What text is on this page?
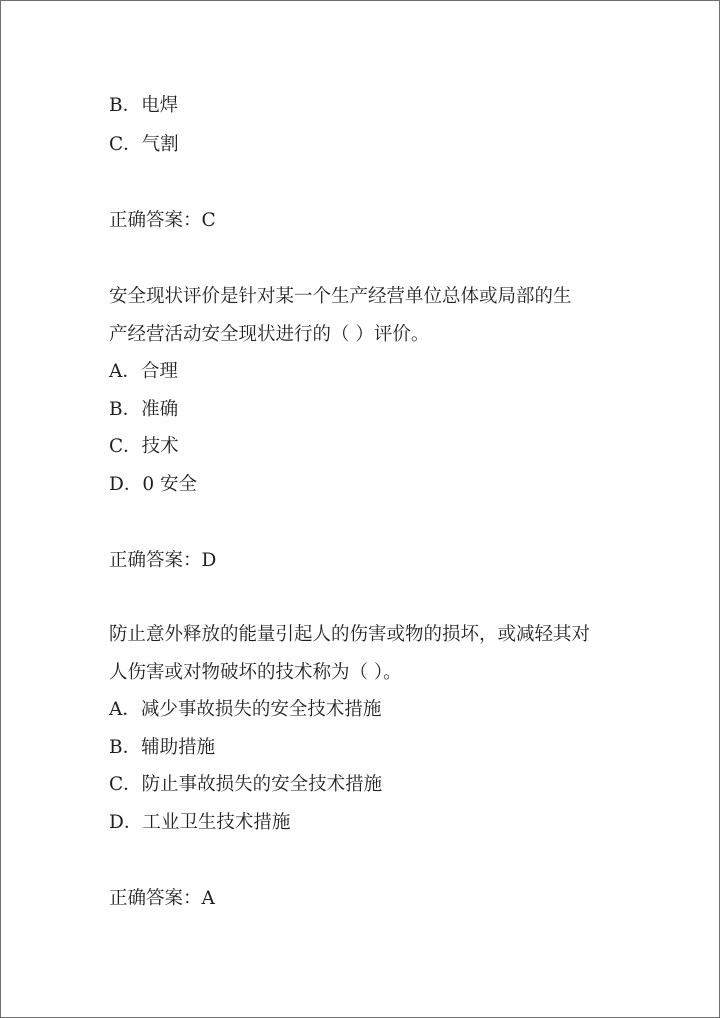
B．电焊
C．气割
正确答案：C
安全现状评价是针对某一个生产经营单位总体或局部的生
产经营活动安全现状进行的（ ）评价。
A．合理
B．准确
C．技术
D．0 安全
正确答案：D
防止意外释放的能量引起人的伤害或物的损坏，或减轻其对
人伤害或对物破坏的技术称为（ ）。
A．减少事故损失的安全技术措施
B．辅助措施
C．防止事故损失的安全技术措施
D．工业卫生技术措施
正确答案：A
